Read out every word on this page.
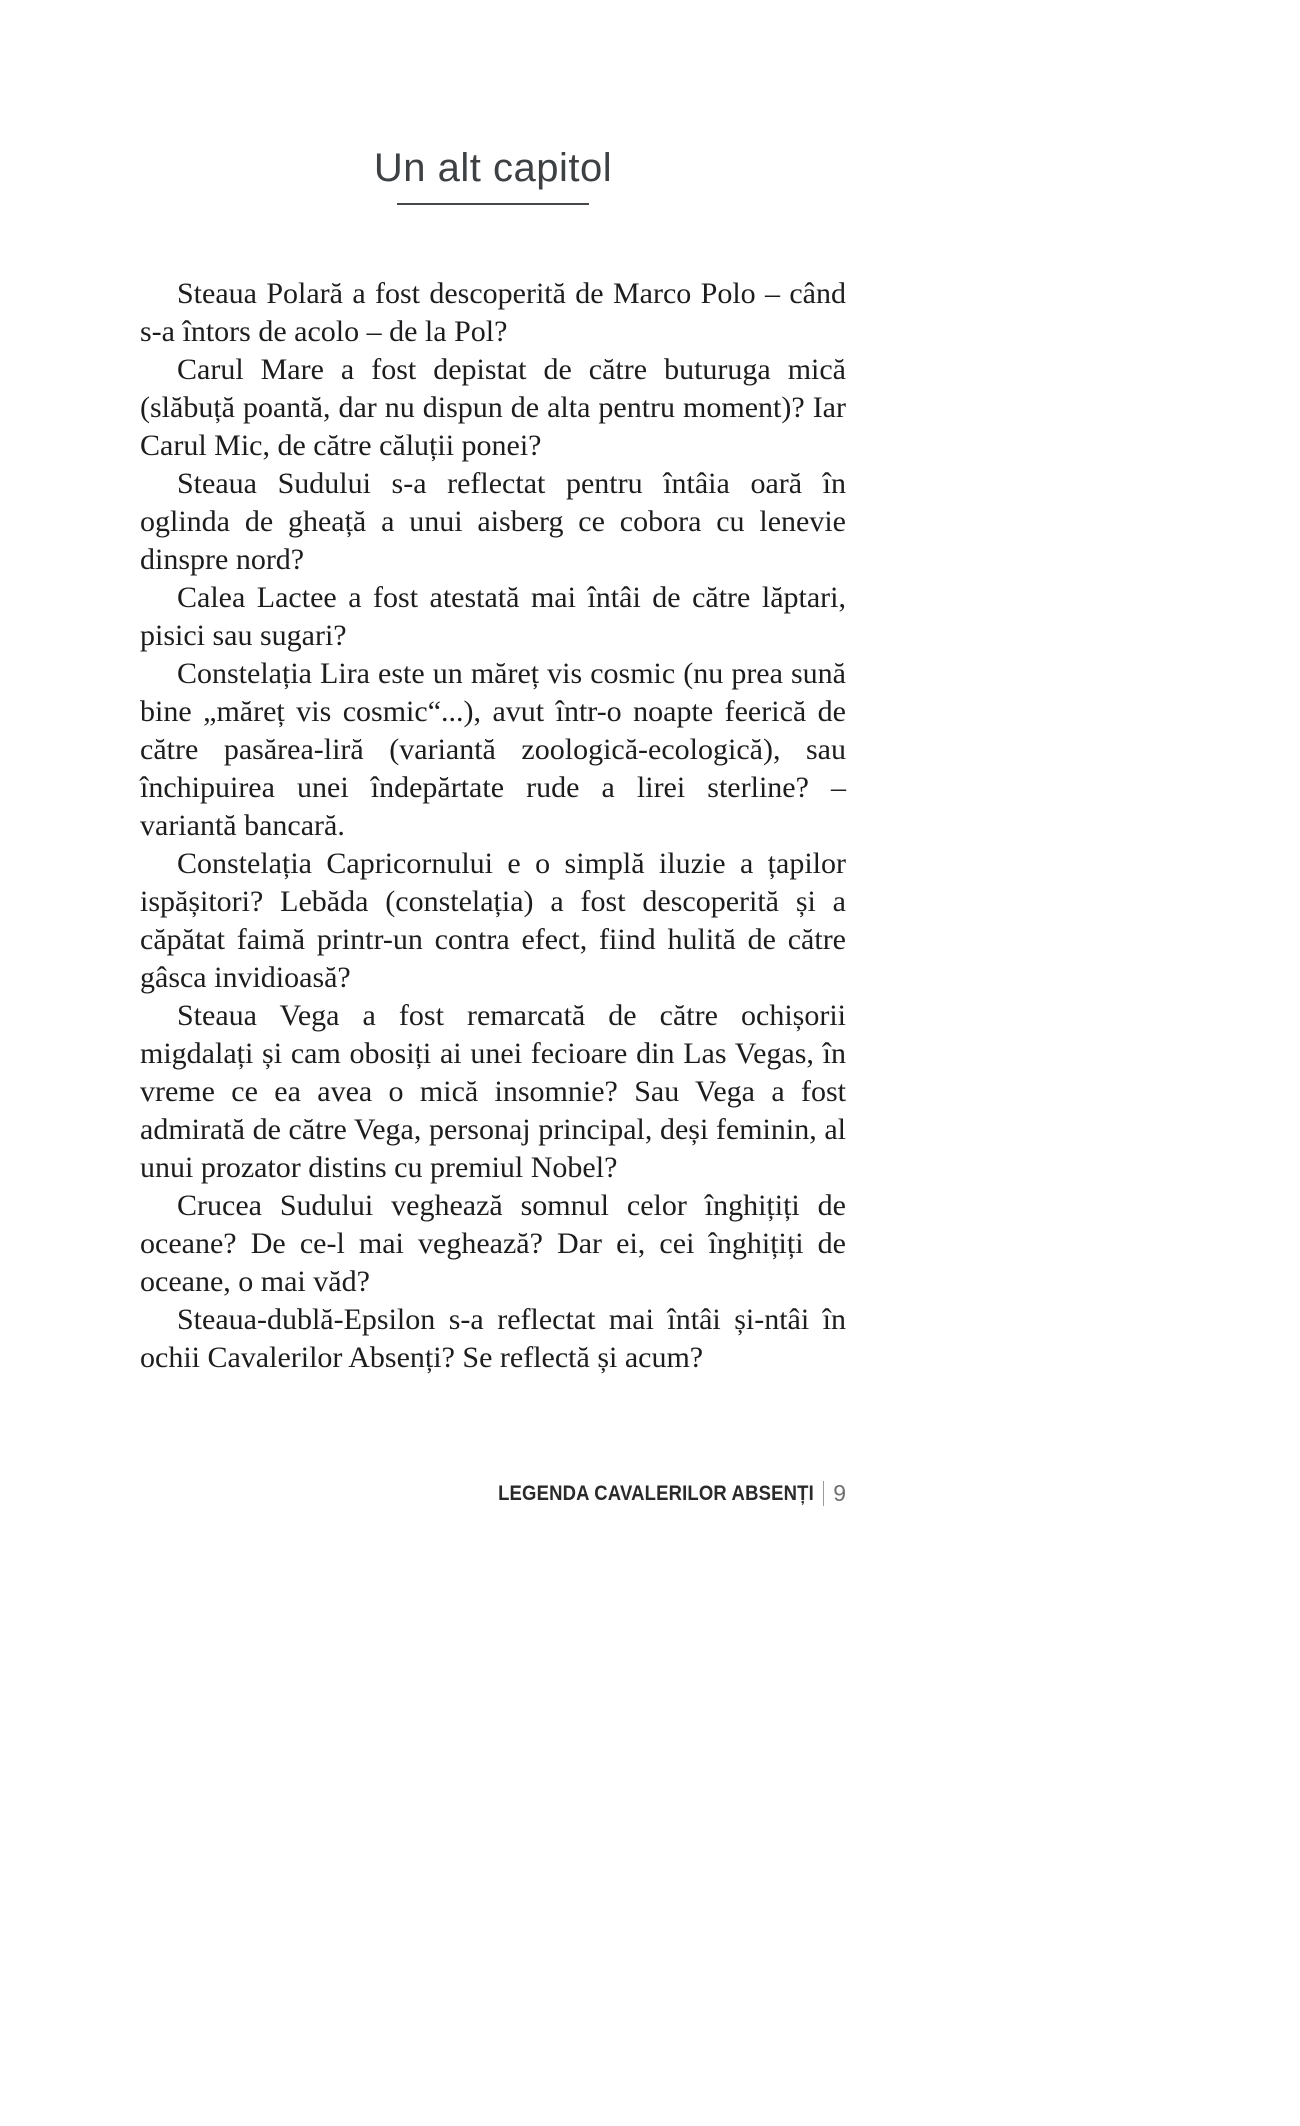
Un alt capitol

Steaua Polară a fost descoperită de Marco Polo – când s-a întors de acolo – de la Pol?

Carul Mare a fost depistat de către buturuga mică (slăbuță poantă, dar nu dispun de alta pentru moment)? Iar Carul Mic, de către căluții ponei?

Steaua Sudului s-a reflectat pentru întâia oară în oglinda de gheață a unui aisberg ce cobora cu lenevie dinspre nord?

Calea Lactee a fost atestată mai întâi de către lăptari, pisici sau sugari?

Constelația Lira este un măreț vis cosmic (nu prea sună bine „măreț vis cosmic“...), avut într-o noapte feerică de către pasărea-liră (variantă zoologică-ecologică), sau închipuirea unei îndepărtate rude a lirei sterline? – variantă bancară.

Constelația Capricornului e o simplă iluzie a țapilor ispășitori? Lebăda (constelația) a fost descoperită și a căpătat faimă printr-un contra efect, fiind hulită de către gâsca invidioasă?

Steaua Vega a fost remarcată de către ochișorii migdalați și cam obosiți ai unei fecioare din Las Vegas, în vreme ce ea avea o mică insomnie? Sau Vega a fost admirată de către Vega, personaj principal, deși feminin, al unui prozator distins cu premiul Nobel?

Crucea Sudului veghează somnul celor înghițiți de oceane? De ce-l mai veghează? Dar ei, cei înghițiți de oceane, o mai văd?

Steaua-dublă-Epsilon s-a reflectat mai întâi și-ntâi în ochii Cavalerilor Absenți? Se reflectă și acum?

LEGENDA CAVALERILOR ABSENȚI 9
